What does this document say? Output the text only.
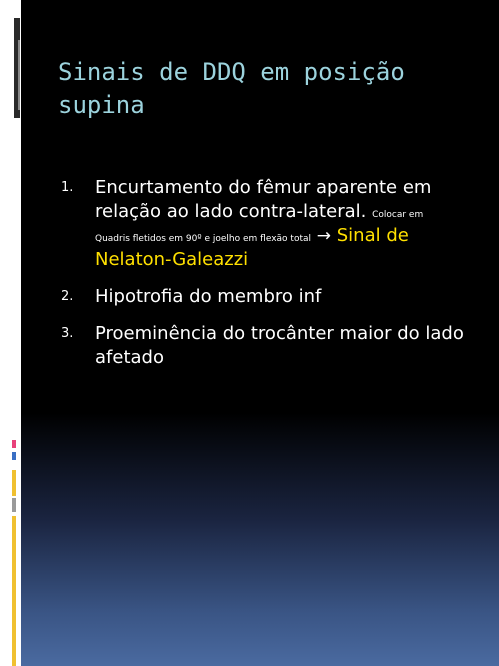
Sinais de DDQ em posição
supina
1. Encurtamento do fêmur aparente em relação ao lado contra-lateral. Colocar em
Quadris fletidos em 90º e joelho em flexão total → Sinal de Nelaton-Galeazzi
2. Hipotrofia do membro inf
3. Proeminência do trocânter maior do lado afetado
